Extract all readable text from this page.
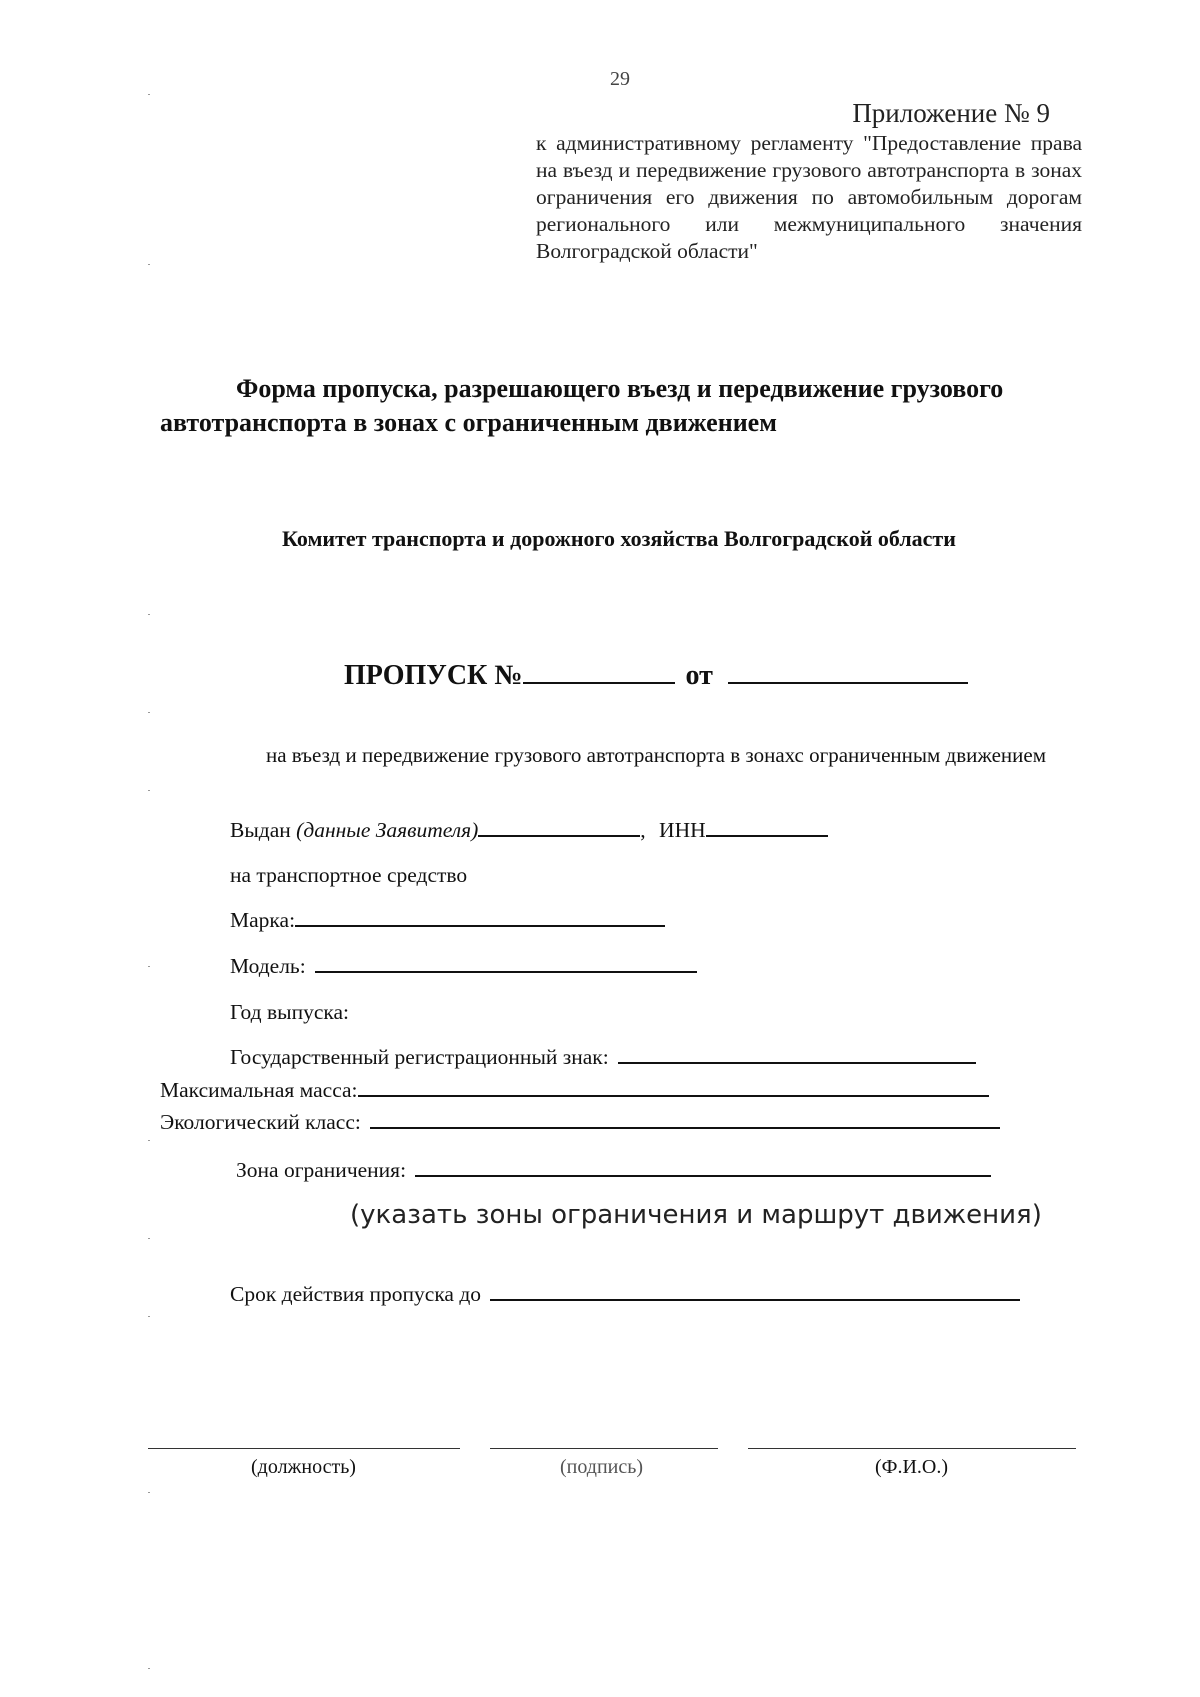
29
Приложение № 9
к административному регламенту "Предоставление права на въезд и передвижение грузового автотранспорта в зонах ограничения его движения по автомобильным дорогам регионального или межмуниципального значения Волгоградской области"
Форма пропуска, разрешающего въезд и передвижение грузового автотранспорта в зонах с ограниченным движением
Комитет транспорта и дорожного хозяйства Волгоградской области
ПРОПУСК №	от
на въезд и передвижение грузового автотранспорта в зонахс ограниченным движением
Выдан (данные Заявителя)	, ИНН
на транспортное средство
Марка:
Модель:
Год выпуска:
Государственный регистрационный знак:
Максимальная масса:
Экологический класс:
Зона ограничения:
(указать зоны ограничения и маршрут движения)
Срок действия пропуска до
(должность)	(подпись)	(Ф.И.О.)
